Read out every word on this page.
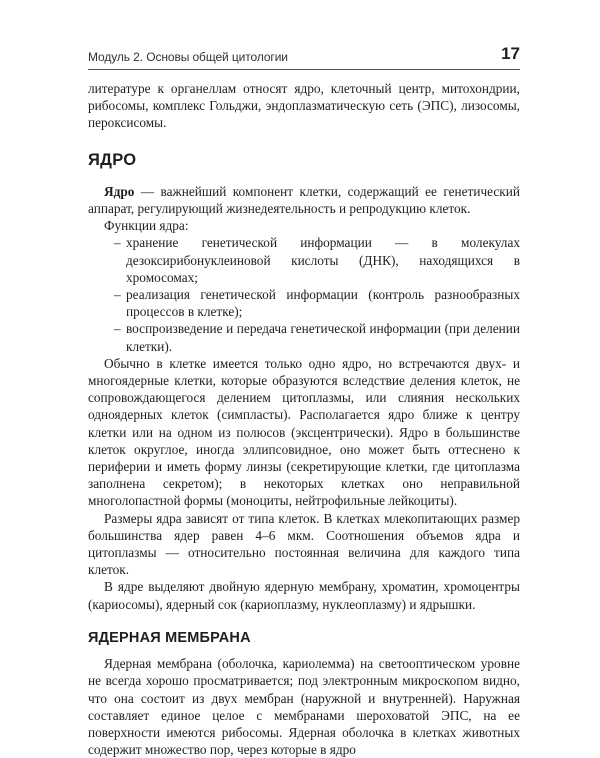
Модуль 2. Основы общей цитологии	17

литературе к органеллам относят ядро, клеточный центр, митохондрии, рибосомы, комплекс Гольджи, эндоплазматическую сеть (ЭПС), лизосомы, пероксисомы.

ЯДРО

Ядро — важнейший компонент клетки, содержащий ее генетический аппарат, регулирующий жизнедеятельность и репродукцию клеток.

Функции ядра:

– хранение генетической информации — в молекулах дезоксирибонуклеиновой кислоты (ДНК), находящихся в хромосомах;
– реализация генетической информации (контроль разнообразных процессов в клетке);
– воспроизведение и передача генетической информации (при делении клетки).

Обычно в клетке имеется только одно ядро, но встречаются двух- и многоядерные клетки, которые образуются вследствие деления клеток, не сопровождающегося делением цитоплазмы, или слияния нескольких одноядерных клеток (симпласты). Располагается ядро ближе к центру клетки или на одном из полюсов (эксцентрически). Ядро в большинстве клеток округлое, иногда эллипсовидное, оно может быть оттеснено к периферии и иметь форму линзы (секретирующие клетки, где цитоплазма заполнена секретом); в некоторых клетках оно неправильной многолопастной формы (моноциты, нейтрофильные лейкоциты).

Размеры ядра зависят от типа клеток. В клетках млекопитающих размер большинства ядер равен 4–6 мкм. Соотношения объемов ядра и цитоплазмы — относительно постоянная величина для каждого типа клеток.

В ядре выделяют двойную ядерную мембрану, хроматин, хромоцентры (кариосомы), ядерный сок (кариоплазму, нуклеоплазму) и ядрышки.

ЯДЕРНАЯ МЕМБРАНА

Ядерная мембрана (оболочка, кариолемма) на светооптическом уровне не всегда хорошо просматривается; под электронным микроскопом видно, что она состоит из двух мембран (наружной и внутренней). Наружная составляет единое целое с мембранами шероховатой ЭПС, на ее поверхности имеются рибосомы. Ядерная оболочка в клетках животных содержит множество пор, через которые в ядро
